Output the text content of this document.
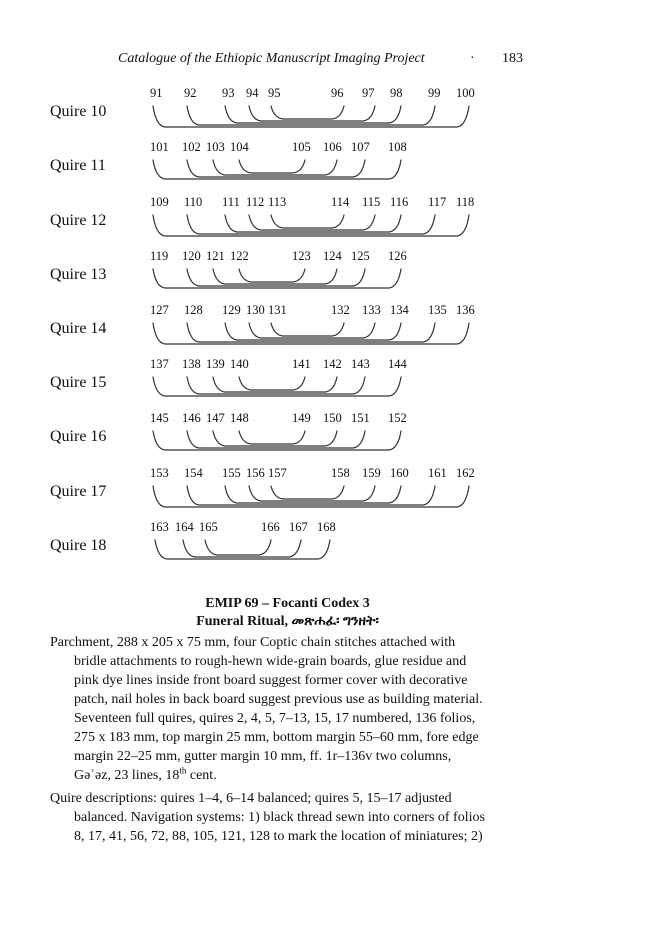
Catalogue of the Ethiopic Manuscript Imaging Project	· 183
Quire 10
91 92 93 94 95	96 97 98 99 100
Quire 11
101 102 103 104	105 106 107 108
Quire 12
109 110 111 112 113	114 115 116 117 118
Quire 13
119 120 121 122	123 124 125 126
Quire 14
127 128 129 130 131	132 133 134 135 136
Quire 15
137 138 139 140	141 142 143 144
Quire 16
145 146 147 148	149 150 151 152
Quire 17
153 154 155 156 157	158 159 160 161 162
Quire 18
163 164 165	166 167 168
EMIP 69 – Focanti Codex 3
Funeral Ritual, መጽሐፈ፡ ግንዘት፡
Parchment, 288 x 205 x 75 mm, four Coptic chain stitches attached with
bridle attachments to rough-hewn wide-grain boards, glue residue and
pink dye lines inside front board suggest former cover with decorative
patch, nail holes in back board suggest previous use as building material.
Seventeen full quires, quires 2, 4, 5, 7–13, 15, 17 numbered, 136 folios,
275 x 183 mm, top margin 25 mm, bottom margin 55–60 mm, fore edge
margin 22–25 mm, gutter margin 10 mm, ff. 1r–136v two columns,
Gəʿəz, 23 lines, 18th cent.
Quire descriptions: quires 1–4, 6–14 balanced; quires 5, 15–17 adjusted
balanced. Navigation systems: 1) black thread sewn into corners of folios
8, 17, 41, 56, 72, 88, 105, 121, 128 to mark the location of miniatures; 2)
